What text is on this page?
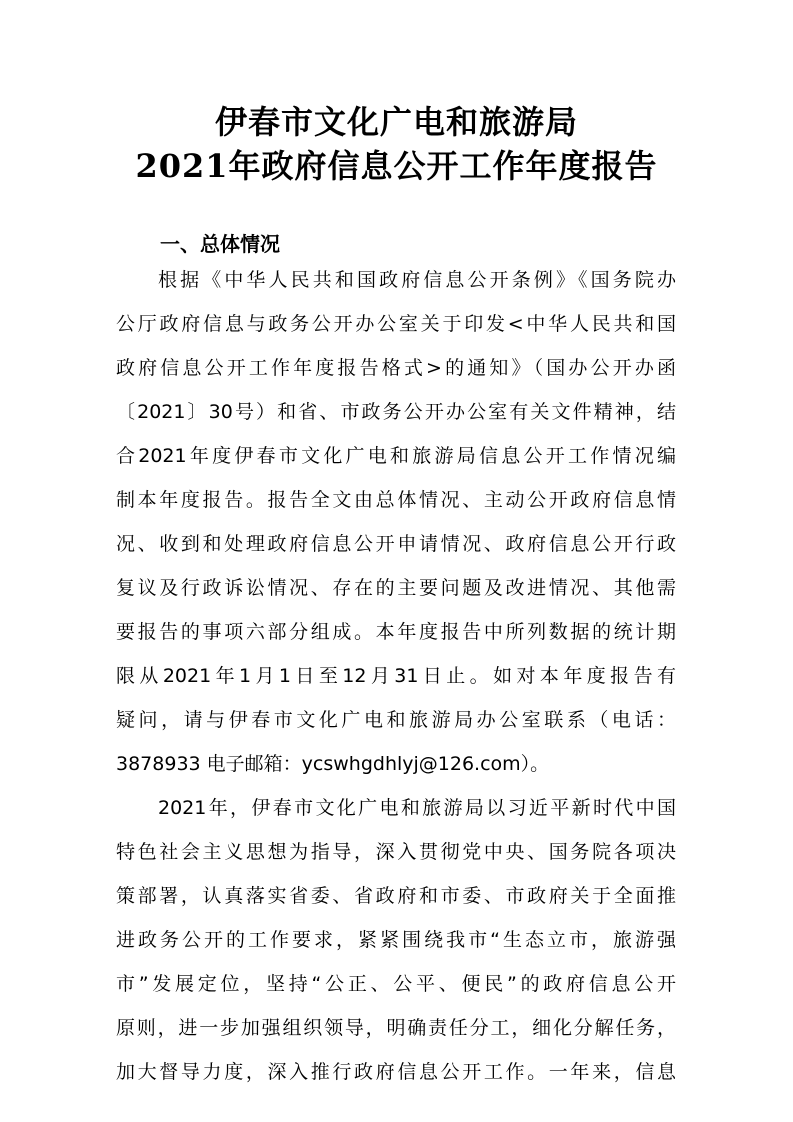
伊春市文化广电和旅游局
2021年政府信息公开工作年度报告
一、总体情况
根据《中华人民共和国政府信息公开条例》《国务院办
公厅政府信息与政务公开办公室关于印发<中华人民共和国
政府信息公开工作年度报告格式>的通知》（国办公开办函
〔2021〕30号）和省、市政务公开办公室有关文件精神，结
合2021年度伊春市文化广电和旅游局信息公开工作情况编
制本年度报告。报告全文由总体情况、主动公开政府信息情
况、收到和处理政府信息公开申请情况、政府信息公开行政
复议及行政诉讼情况、存在的主要问题及改进情况、其他需
要报告的事项六部分组成。本年度报告中所列数据的统计期
限从2021年1月1日至12月31日止。如对本年度报告有
疑问，请与伊春市文化广电和旅游局办公室联系（电话：
3878933 电子邮箱：ycswhgdhlyj@126.com）。
2021年，伊春市文化广电和旅游局以习近平新时代中国
特色社会主义思想为指导，深入贯彻党中央、国务院各项决
策部署，认真落实省委、省政府和市委、市政府关于全面推
进政务公开的工作要求，紧紧围绕我市“生态立市，旅游强
市”发展定位，坚持“公正、公平、便民”的政府信息公开
原则，进一步加强组织领导，明确责任分工，细化分解任务，
加大督导力度，深入推行政府信息公开工作。一年来，信息
